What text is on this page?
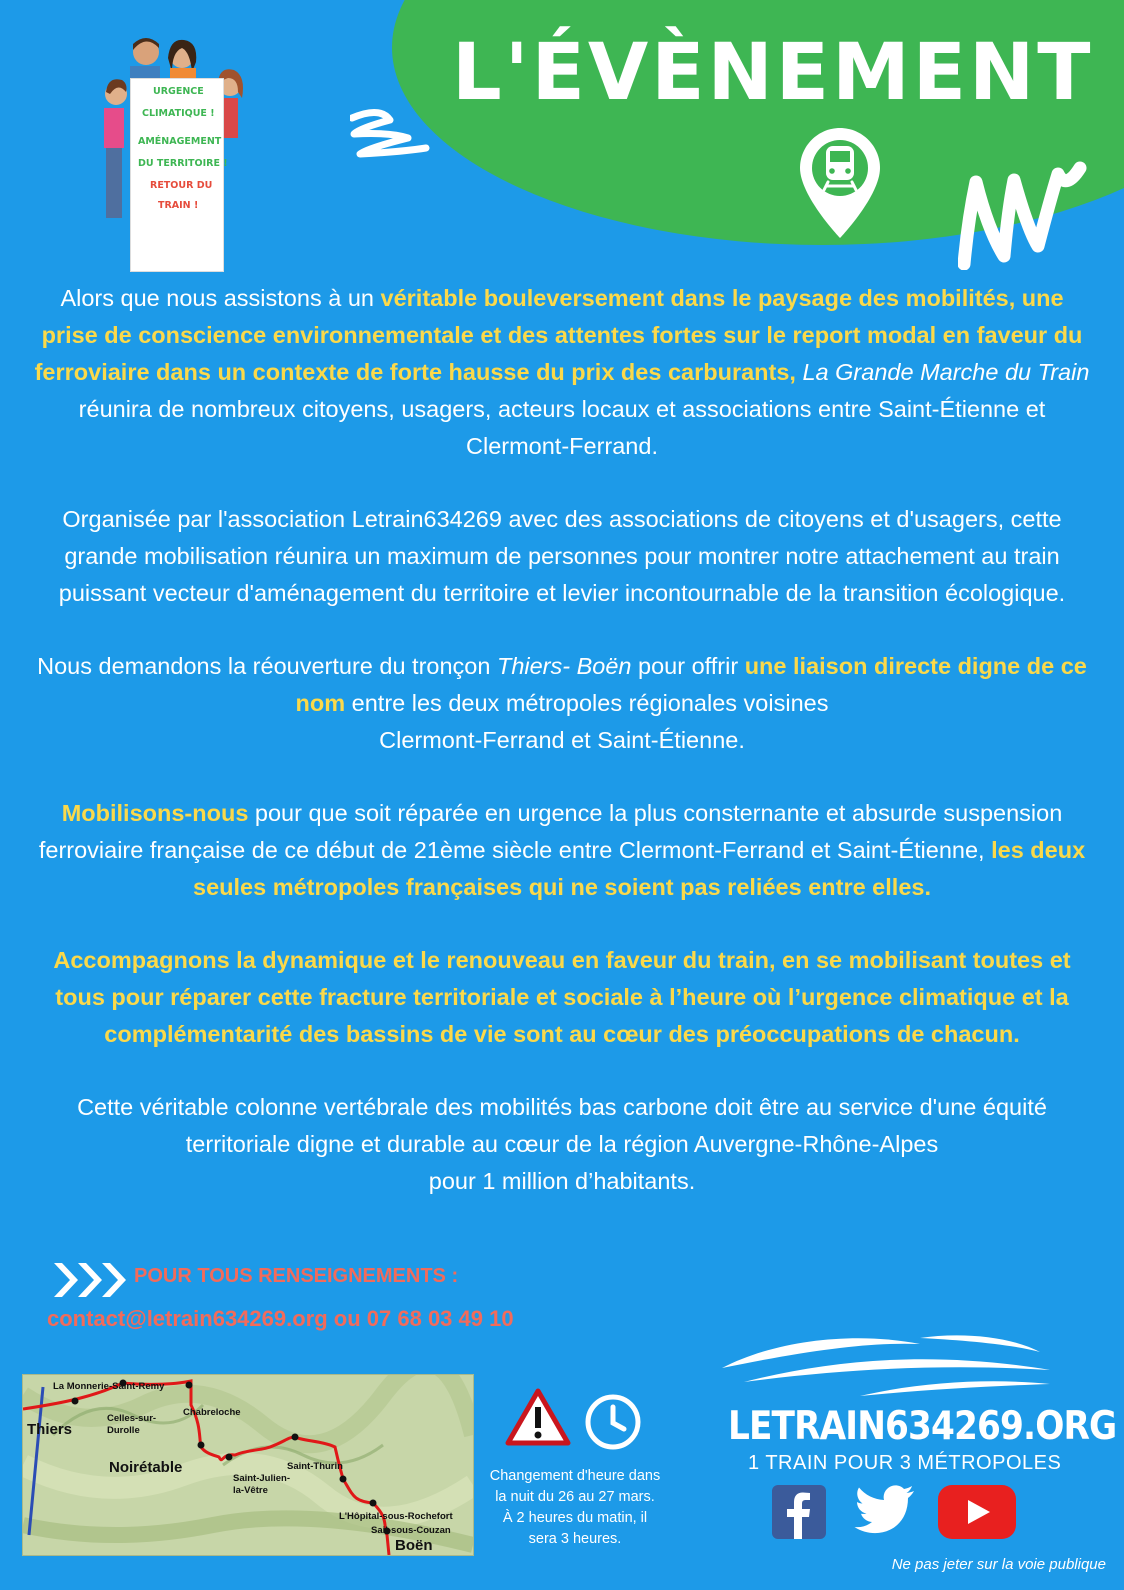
L'ÉVÈNEMENT
URGENCE
CLIMATIQUE !
AMÉNAGEMENT
DU TERRITOIRE !
RETOUR DU
TRAIN !

Alors que nous assistons à un véritable bouleversement dans le paysage des mobilités, une prise de conscience environnementale et des attentes fortes sur le report modal en faveur du ferroviaire dans un contexte de forte hausse du prix des carburants, La Grande Marche du Train réunira de nombreux citoyens, usagers, acteurs locaux et associations entre Saint-Étienne et Clermont-Ferrand.

Organisée par l'association Letrain634269 avec des associations de citoyens et d'usagers, cette grande mobilisation réunira un maximum de personnes pour montrer notre attachement au train puissant vecteur d'aménagement du territoire et levier incontournable de la transition écologique.

Nous demandons la réouverture du tronçon Thiers- Boën pour offrir une liaison directe digne de ce nom entre les deux métropoles régionales voisines
Clermont-Ferrand et Saint-Étienne.

Mobilisons-nous pour que soit réparée en urgence la plus consternante et absurde suspension ferroviaire française de ce début de 21ème siècle entre Clermont-Ferrand et Saint-Étienne, les deux seules métropoles françaises qui ne soient pas reliées entre elles.

Accompagnons la dynamique et le renouveau en faveur du train, en se mobilisant toutes et tous pour réparer cette fracture territoriale et sociale à l’heure où l’urgence climatique et la complémentarité des bassins de vie sont au cœur des préoccupations de chacun.

Cette véritable colonne vertébrale des mobilités bas carbone doit être au service d'une équité territoriale digne et durable au cœur de la région Auvergne-Rhône-Alpes
pour 1 million d’habitants.

POUR TOUS RENSEIGNEMENTS :
contact@letrain634269.org ou 07 68 03 49 10
La Monnerie-Saint-Remy
Chabreloche
Celles-sur-
Durolle
Thiers
Noirétable	Saint-Thurin
Saint-Julien-
la-Vêtre
L'Hôpital-sous-Rochefort
Sail-sous-Couzan
Boën
Changement d'heure dans
la nuit du 26 au 27 mars.
À 2 heures du matin, il
sera 3 heures.
LETRAIN634269.ORG
1 TRAIN POUR 3 MÉTROPOLES
Ne pas jeter sur la voie publique
